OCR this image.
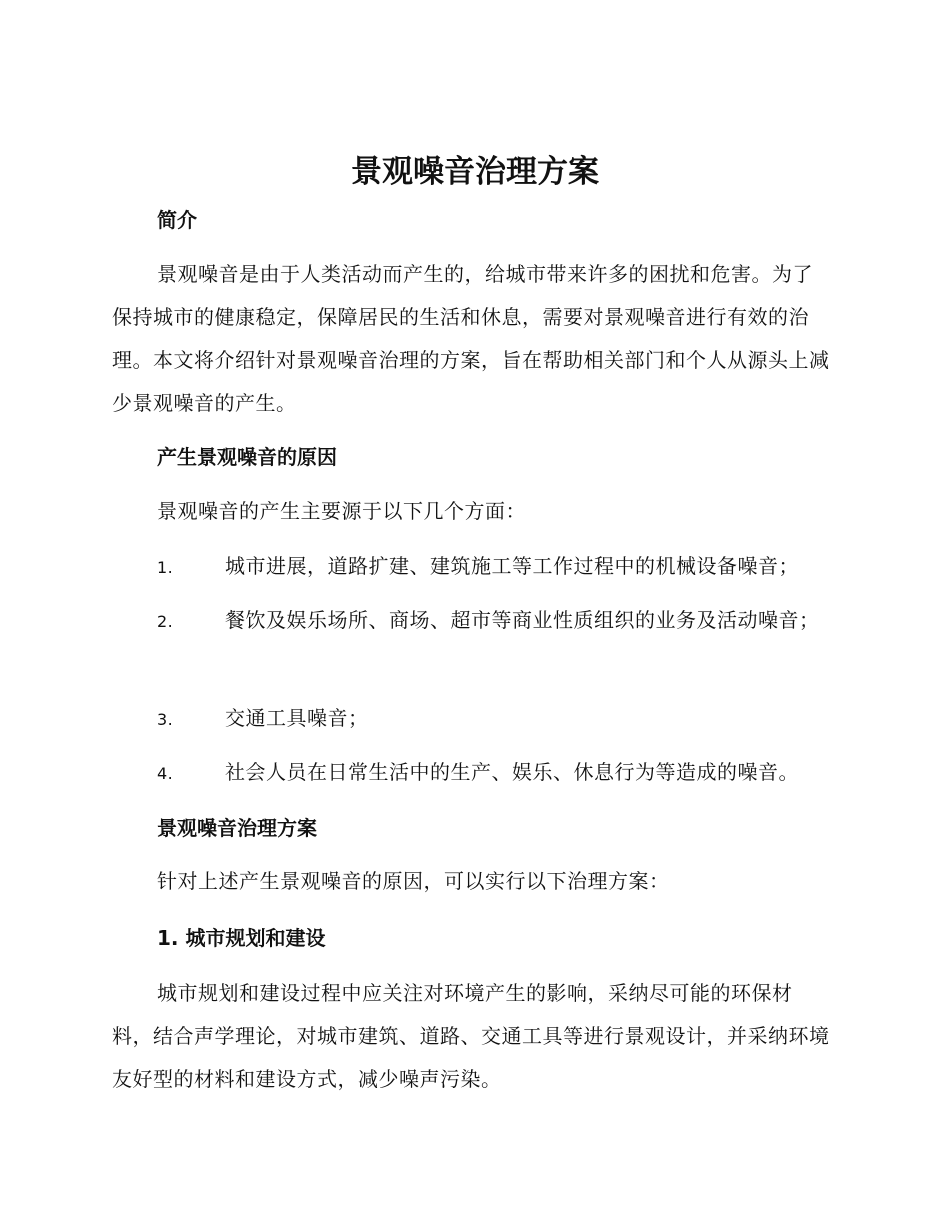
景观噪音治理方案
简介

景观噪音是由于人类活动而产生的，给城市带来许多的困扰和危害。为了保持城市的健康稳定，保障居民的生活和休息，需要对景观噪音进行有效的治理。本文将介绍针对景观噪音治理的方案，旨在帮助相关部门和个人从源头上减少景观噪音的产生。

产生景观噪音的原因

景观噪音的产生主要源于以下几个方面：

1.	城市进展，道路扩建、建筑施工等工作过程中的机械设备噪音；

2.	餐饮及娱乐场所、商场、超市等商业性质组织的业务及活动噪音；

3.	交通工具噪音；

4.	社会人员在日常生活中的生产、娱乐、休息行为等造成的噪音。

景观噪音治理方案

针对上述产生景观噪音的原因，可以实行以下治理方案：

1. 城市规划和建设

城市规划和建设过程中应关注对环境产生的影响，采纳尽可能的环保材料，结合声学理论，对城市建筑、道路、交通工具等进行景观设计，并采纳环境友好型的材料和建设方式，减少噪声污染。
